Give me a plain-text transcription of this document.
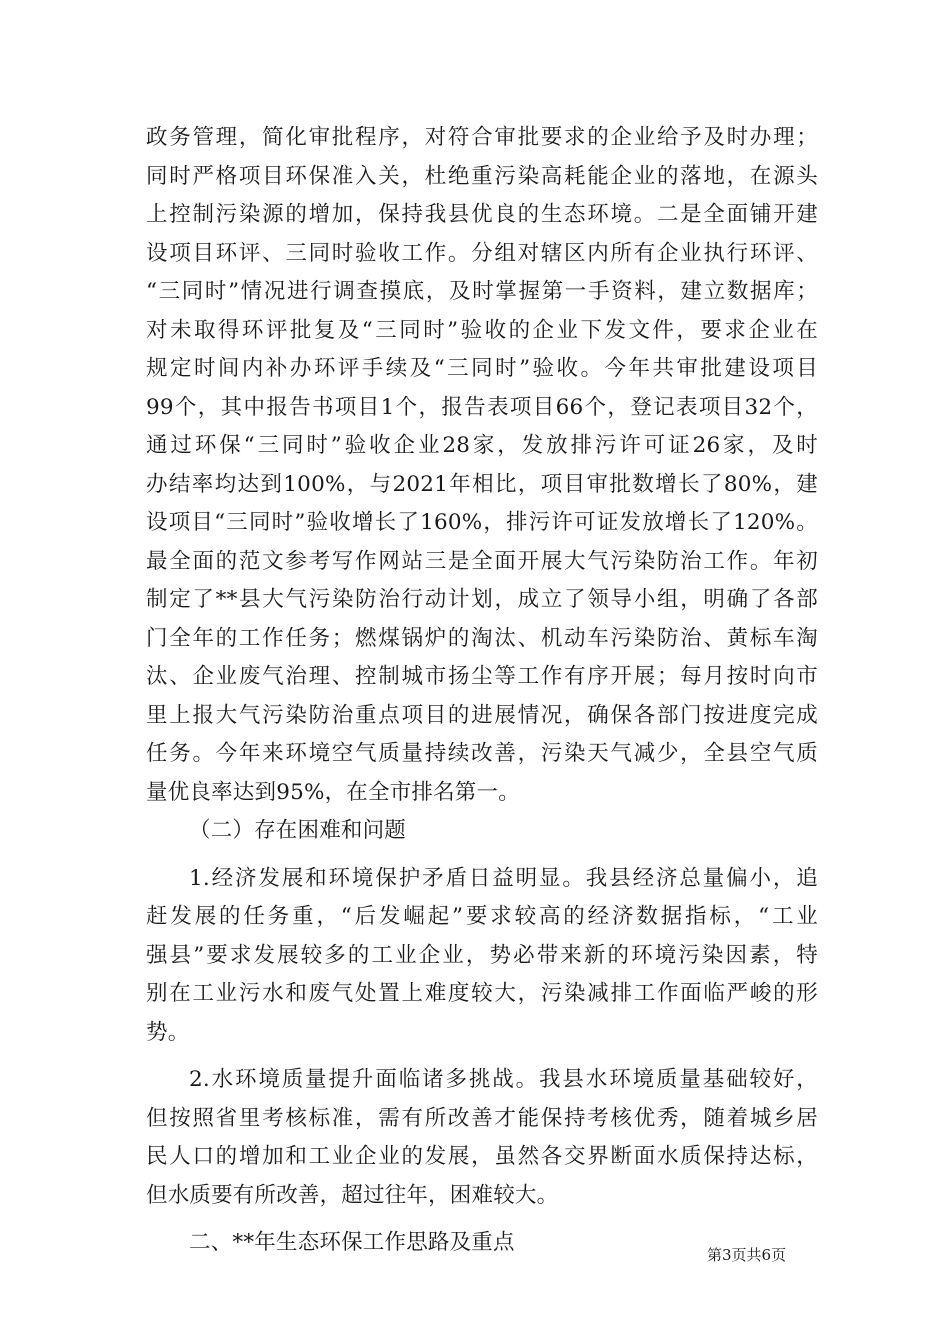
政务管理，简化审批程序，对符合审批要求的企业给予及时办理；
同时严格项目环保准入关，杜绝重污染高耗能企业的落地，在源头
上控制污染源的增加，保持我县优良的生态环境。二是全面铺开建
设项目环评、三同时验收工作。分组对辖区内所有企业执行环评、
“三同时”情况进行调查摸底，及时掌握第一手资料，建立数据库；
对未取得环评批复及“三同时”验收的企业下发文件，要求企业在
规定时间内补办环评手续及“三同时”验收。今年共审批建设项目
99个，其中报告书项目1个，报告表项目66个，登记表项目32个，
通过环保“三同时”验收企业28家，发放排污许可证26家，及时
办结率均达到100%，与2021年相比，项目审批数增长了80%，建
设项目“三同时”验收增长了160%，排污许可证发放增长了120%。
最全面的范文参考写作网站三是全面开展大气污染防治工作。年初
制定了**县大气污染防治行动计划，成立了领导小组，明确了各部
门全年的工作任务；燃煤锅炉的淘汰、机动车污染防治、黄标车淘
汰、企业废气治理、控制城市扬尘等工作有序开展；每月按时向市
里上报大气污染防治重点项目的进展情况，确保各部门按进度完成
任务。今年来环境空气质量持续改善，污染天气减少，全县空气质
量优良率达到95%，在全市排名第一。
（二）存在困难和问题
1.经济发展和环境保护矛盾日益明显。我县经济总量偏小，追
赶发展的任务重，“后发崛起”要求较高的经济数据指标，“工业
强县”要求发展较多的工业企业，势必带来新的环境污染因素，特
别在工业污水和废气处置上难度较大，污染减排工作面临严峻的形
势。
2.水环境质量提升面临诸多挑战。我县水环境质量基础较好，
但按照省里考核标准，需有所改善才能保持考核优秀，随着城乡居
民人口的增加和工业企业的发展，虽然各交界断面水质保持达标，
但水质要有所改善，超过往年，困难较大。
二、**年生态环保工作思路及重点	第3页共6页
